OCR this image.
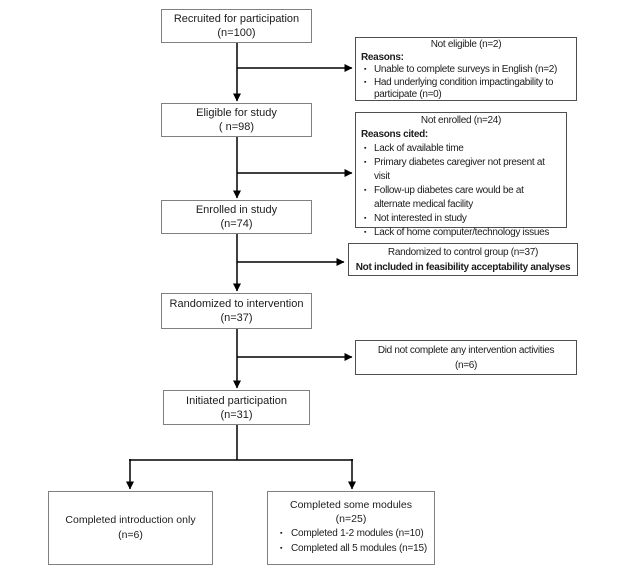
Recruited for participation
(n=100)
Eligible for study
( n=98)
Enrolled in study
(n=74)
Randomized to intervention
(n=37)
Initiated participation
(n=31)
Not eligible (n=2)
Reasons:
▪ Unable to complete surveys in English (n=2)
▪ Had underlying condition impactingability to participate (n=0)
Not enrolled (n=24)
Reasons cited:
▪ Lack of available time
▪ Primary diabetes caregiver not present at visit
▪ Follow-up diabetes care would be at alternate medical facility
▪ Not interested in study
▪ Lack of home computer/technology issues
Randomized to control group (n=37)
Not included in feasibility acceptability analyses
Did not complete any intervention activities
(n=6)
Completed introduction only
(n=6)
Completed some modules
(n=25)
▪ Completed 1-2 modules (n=10)
▪ Completed all 5 modules (n=15)
